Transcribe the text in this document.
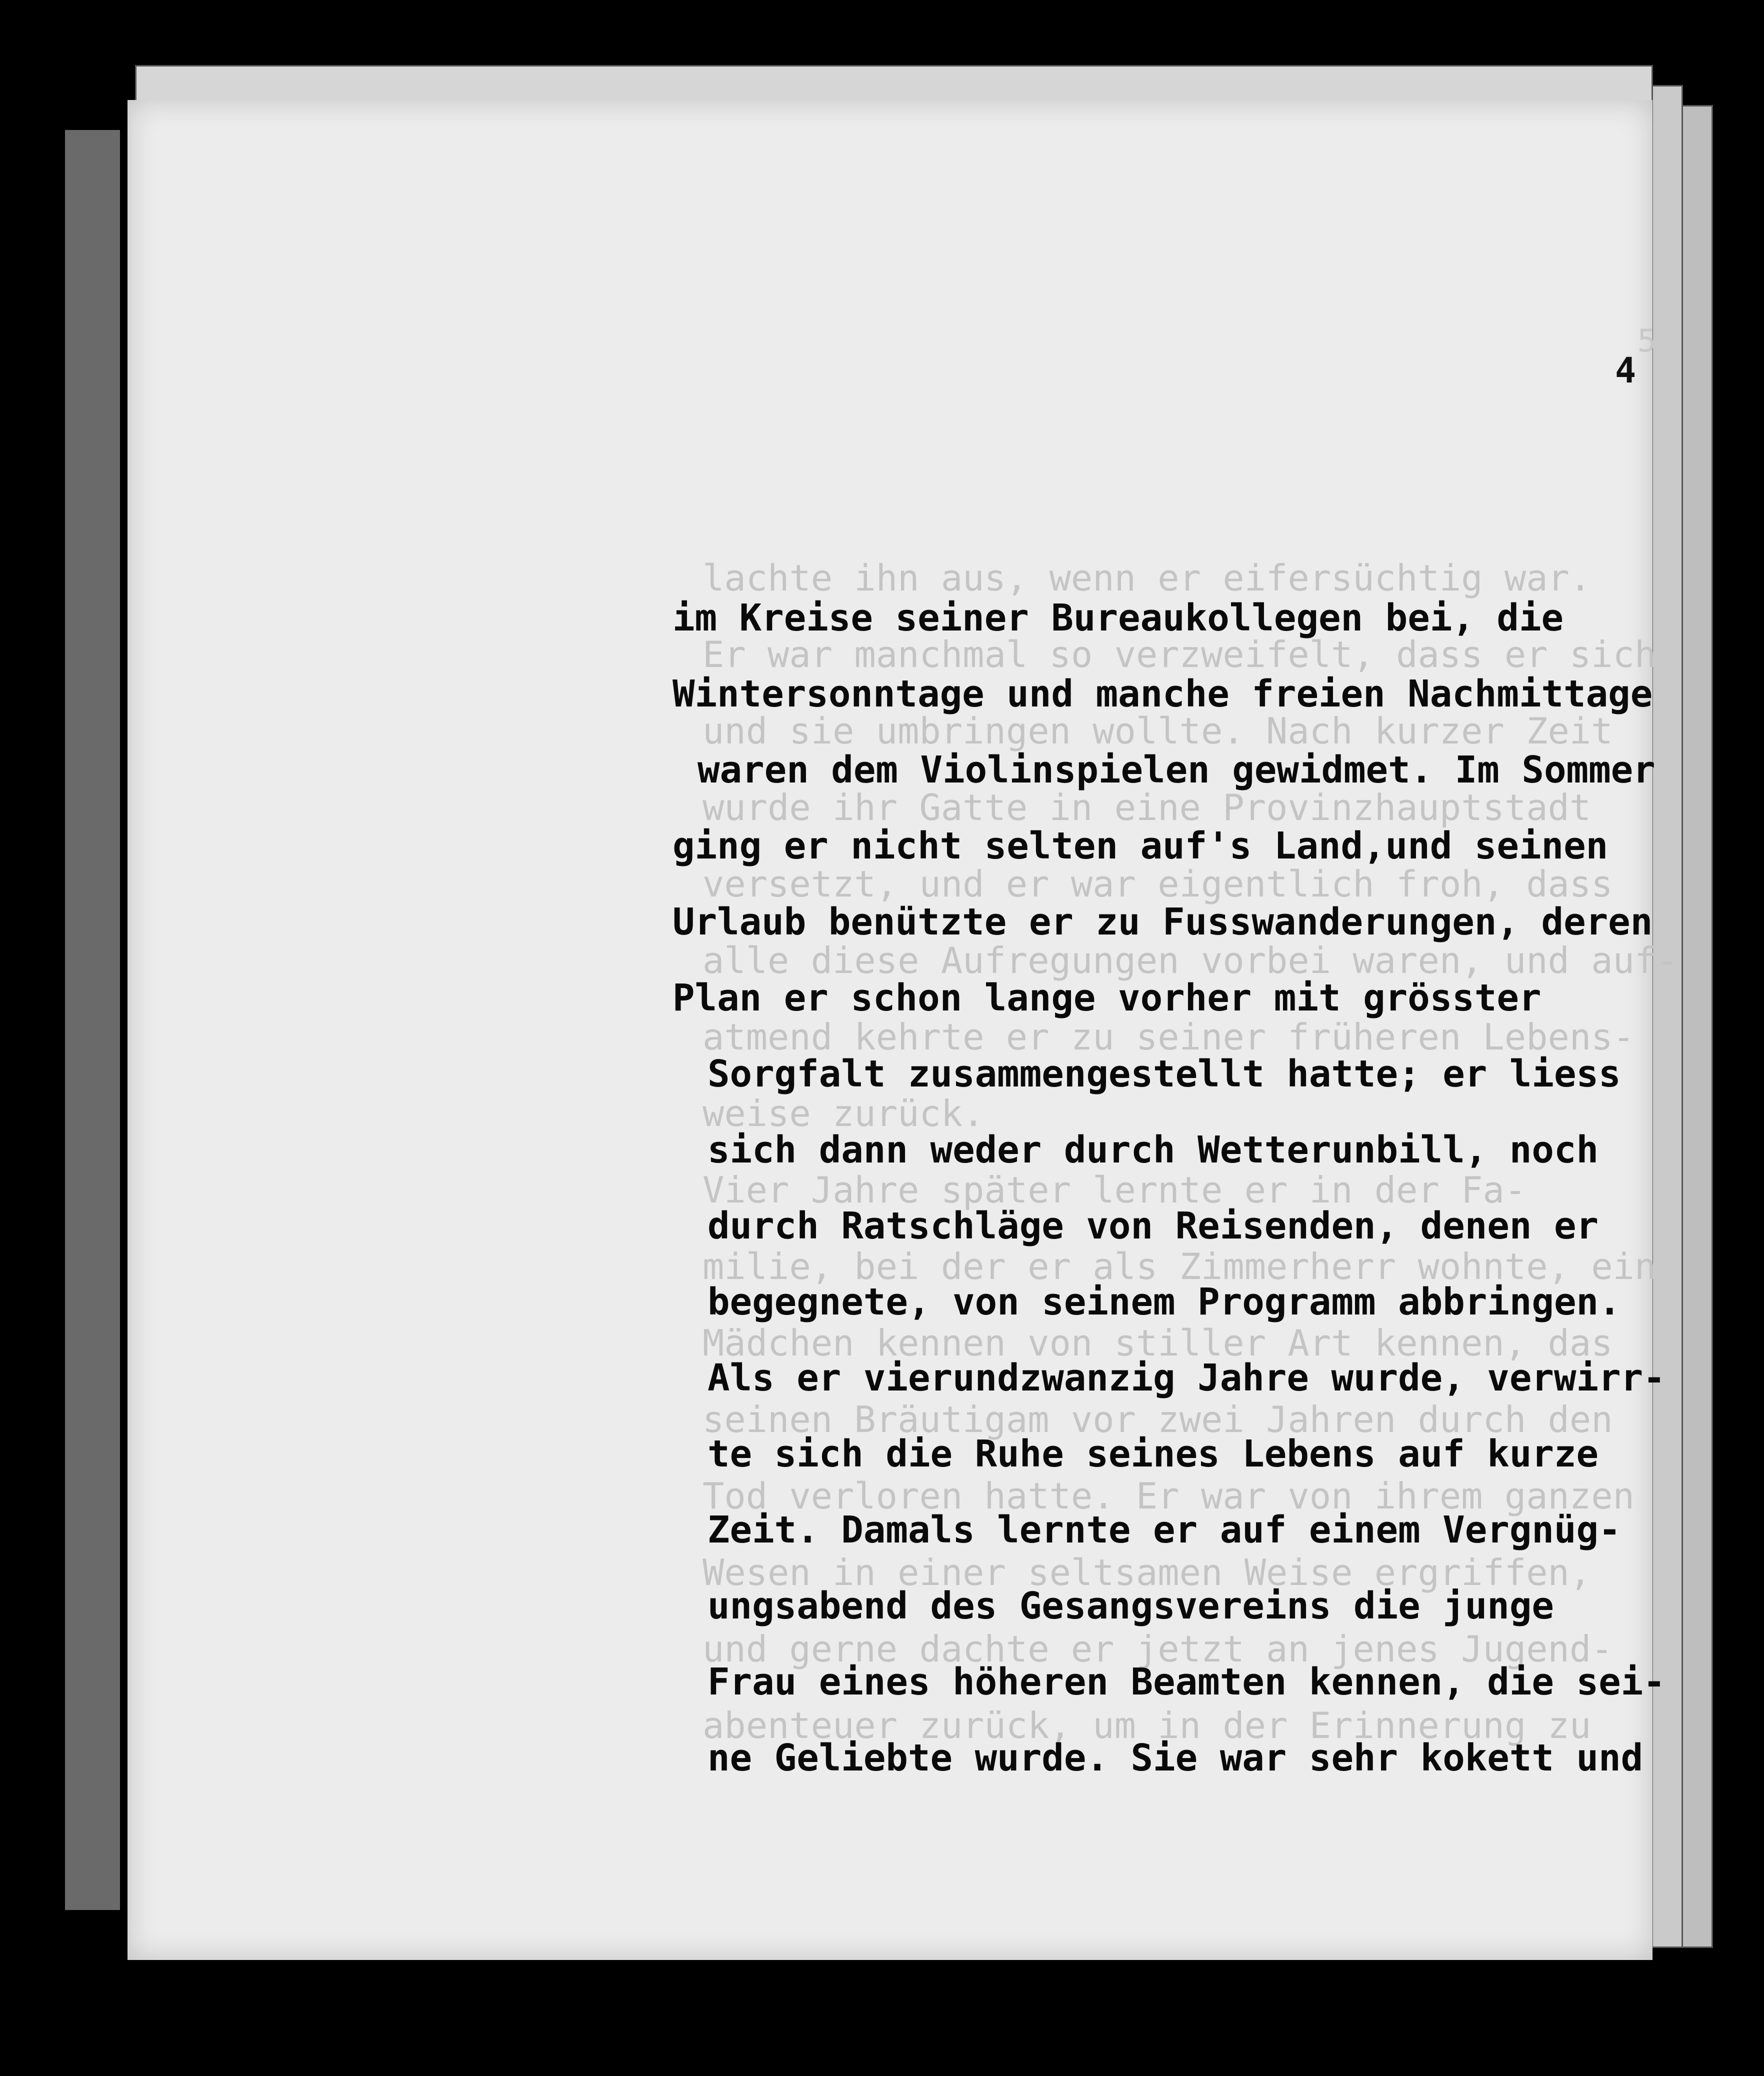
5

4

lachte ihn aus, wenn er eifersüchtig war.
Er war manchmal so verzweifelt, dass er sich
und sie umbringen wollte. Nach kurzer Zeit
wurde ihr Gatte in eine Provinzhauptstadt
versetzt, und er war eigentlich froh, dass
alle diese Aufregungen vorbei waren, und auf-
atmend kehrte er zu seiner früheren Lebens-
weise zurück.
Vier Jahre später lernte er in der Fa-
milie, bei der er als Zimmerherr wohnte, ein
Mädchen kennen von stiller Art kennen, das
seinen Bräutigam vor zwei Jahren durch den
Tod verloren hatte. Er war von ihrem ganzen
Wesen in einer seltsamen Weise ergriffen,
und gerne dachte er jetzt an jenes Jugend-
abenteuer zurück, um in der Erinnerung zu
im Kreise seiner Bureaukollegen bei, die
Wintersonntage und manche freien Nachmittage
waren dem Violinspielen gewidmet. Im Sommer
ging er nicht selten auf's Land,und seinen
Urlaub benützte er zu Fusswanderungen, deren
Plan er schon lange vorher mit grösster
Sorgfalt zusammengestellt hatte; er liess
sich dann weder durch Wetterunbill, noch
durch Ratschläge von Reisenden, denen er
begegnete, von seinem Programm abbringen.
Als er vierundzwanzig Jahre wurde, verwirr-
te sich die Ruhe seines Lebens auf kurze
Zeit. Damals lernte er auf einem Vergnüg-
ungsabend des Gesangsvereins die junge
Frau eines höheren Beamten kennen, die sei-
ne Geliebte wurde. Sie war sehr kokett und
